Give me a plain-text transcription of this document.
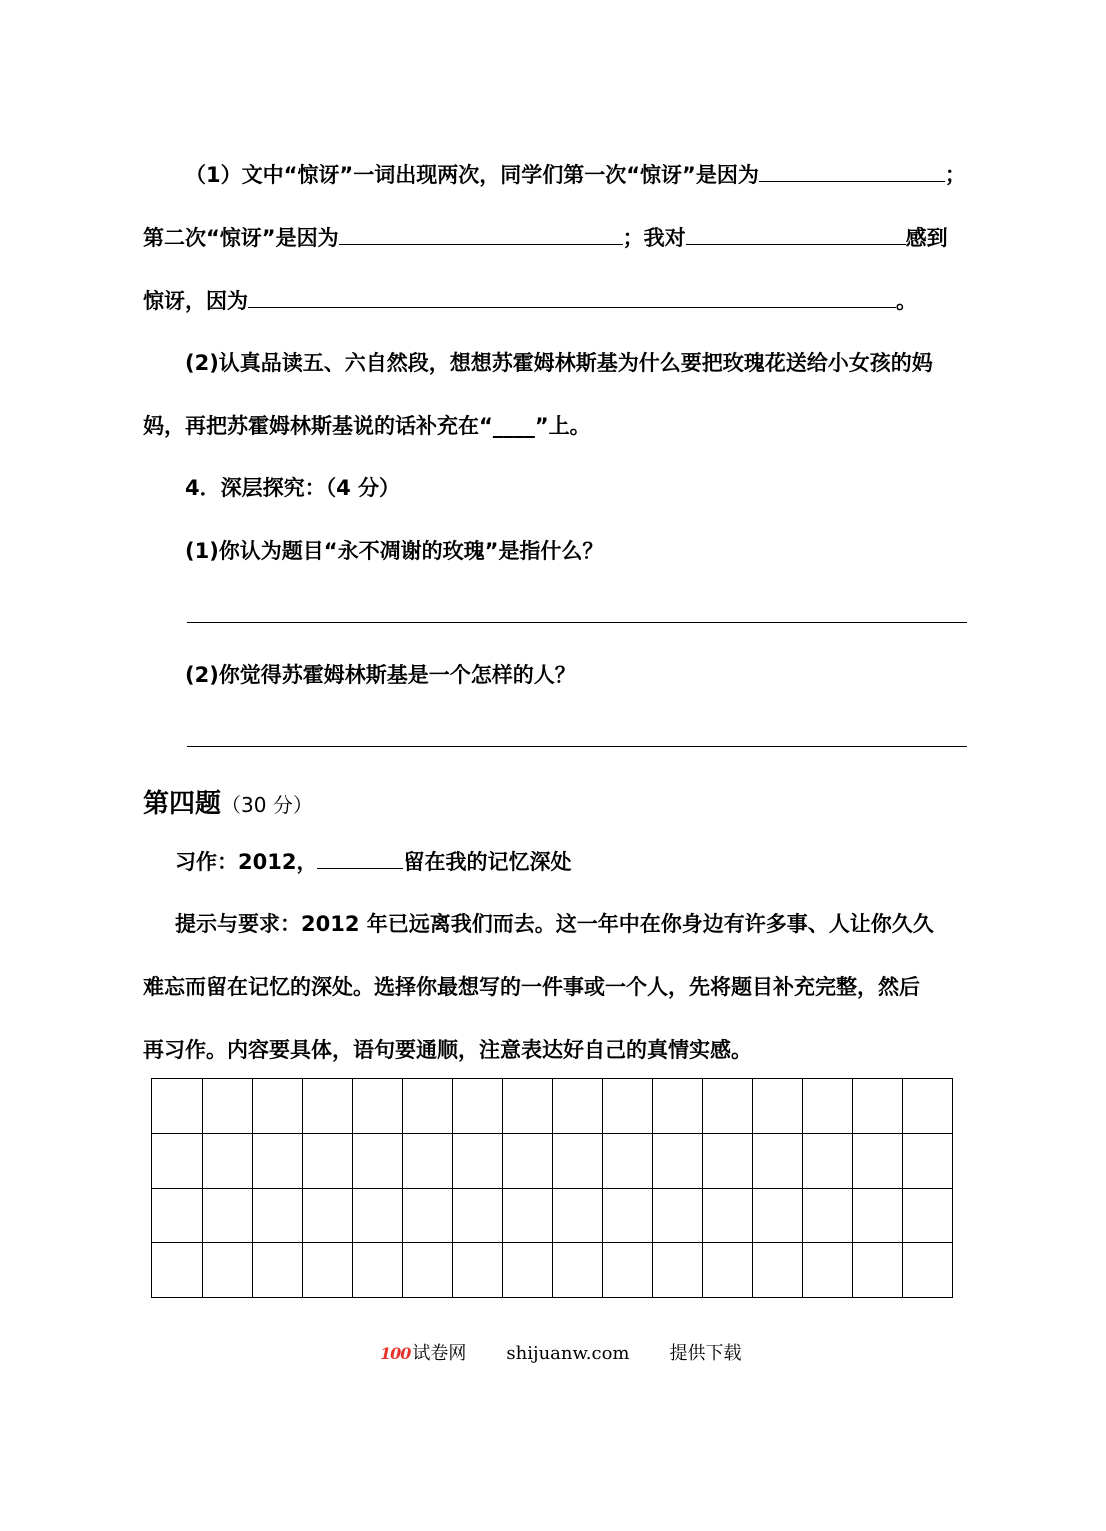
（1）文中“惊讶”一词出现两次，同学们第一次“惊讶”是因为	；
第二次“惊讶”是因为	；我对	感到
惊讶，因为	。
(2)认真品读五、六自然段，想想苏霍姆林斯基为什么要把玫瑰花送给小女孩的妈
妈，再把苏霍姆林斯基说的话补充在“____”上。
4．深层探究：（4 分）
(1)你认为题目“永不凋谢的玫瑰”是指什么？
(2)你觉得苏霍姆林斯基是一个怎样的人？
第四题（30 分）
习作：2012，	留在我的记忆深处
提示与要求：2012 年已远离我们而去。这一年中在你身边有许多事、人让你久久
难忘而留在记忆的深处。选择你最想写的一件事或一个人，先将题目补充完整，然后
再习作。内容要具体，语句要通顺，注意表达好自己的真情实感。
100 试卷网 shijuanw.com 提供下载
